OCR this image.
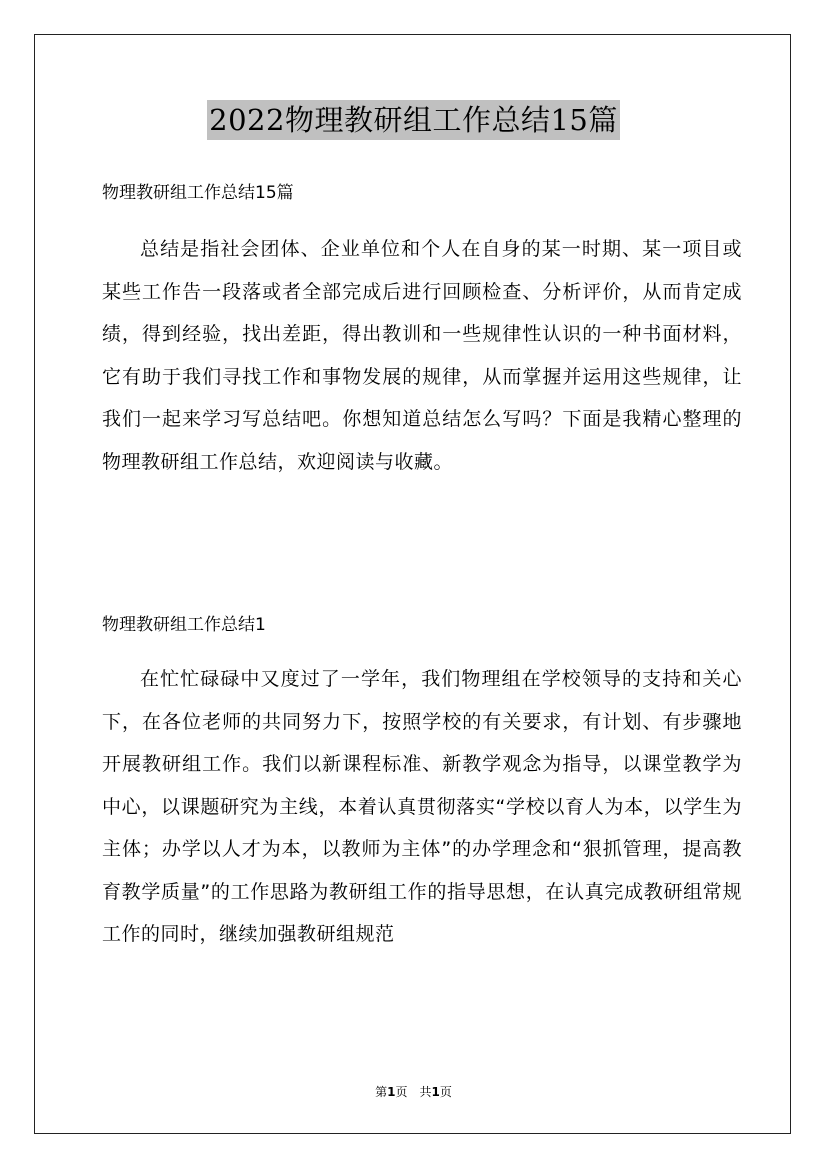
2022物理教研组工作总结15篇
物理教研组工作总结15篇
总结是指社会团体、企业单位和个人在自身的某一时期、某一项目或某些工作告一段落或者全部完成后进行回顾检查、分析评价，从而肯定成绩，得到经验，找出差距，得出教训和一些规律性认识的一种书面材料，它有助于我们寻找工作和事物发展的规律，从而掌握并运用这些规律，让我们一起来学习写总结吧。你想知道总结怎么写吗？下面是我精心整理的物理教研组工作总结，欢迎阅读与收藏。
物理教研组工作总结1
在忙忙碌碌中又度过了一学年，我们物理组在学校领导的支持和关心下，在各位老师的共同努力下，按照学校的有关要求，有计划、有步骤地开展教研组工作。我们以新课程标准、新教学观念为指导，以课堂教学为中心，以课题研究为主线，本着认真贯彻落实“学校以育人为本，以学生为主体；办学以人才为本，以教师为主体”的办学理念和“狠抓管理，提高教育教学质量”的工作思路为教研组工作的指导思想，在认真完成教研组常规工作的同时，继续加强教研组规范
第1页　共1页
